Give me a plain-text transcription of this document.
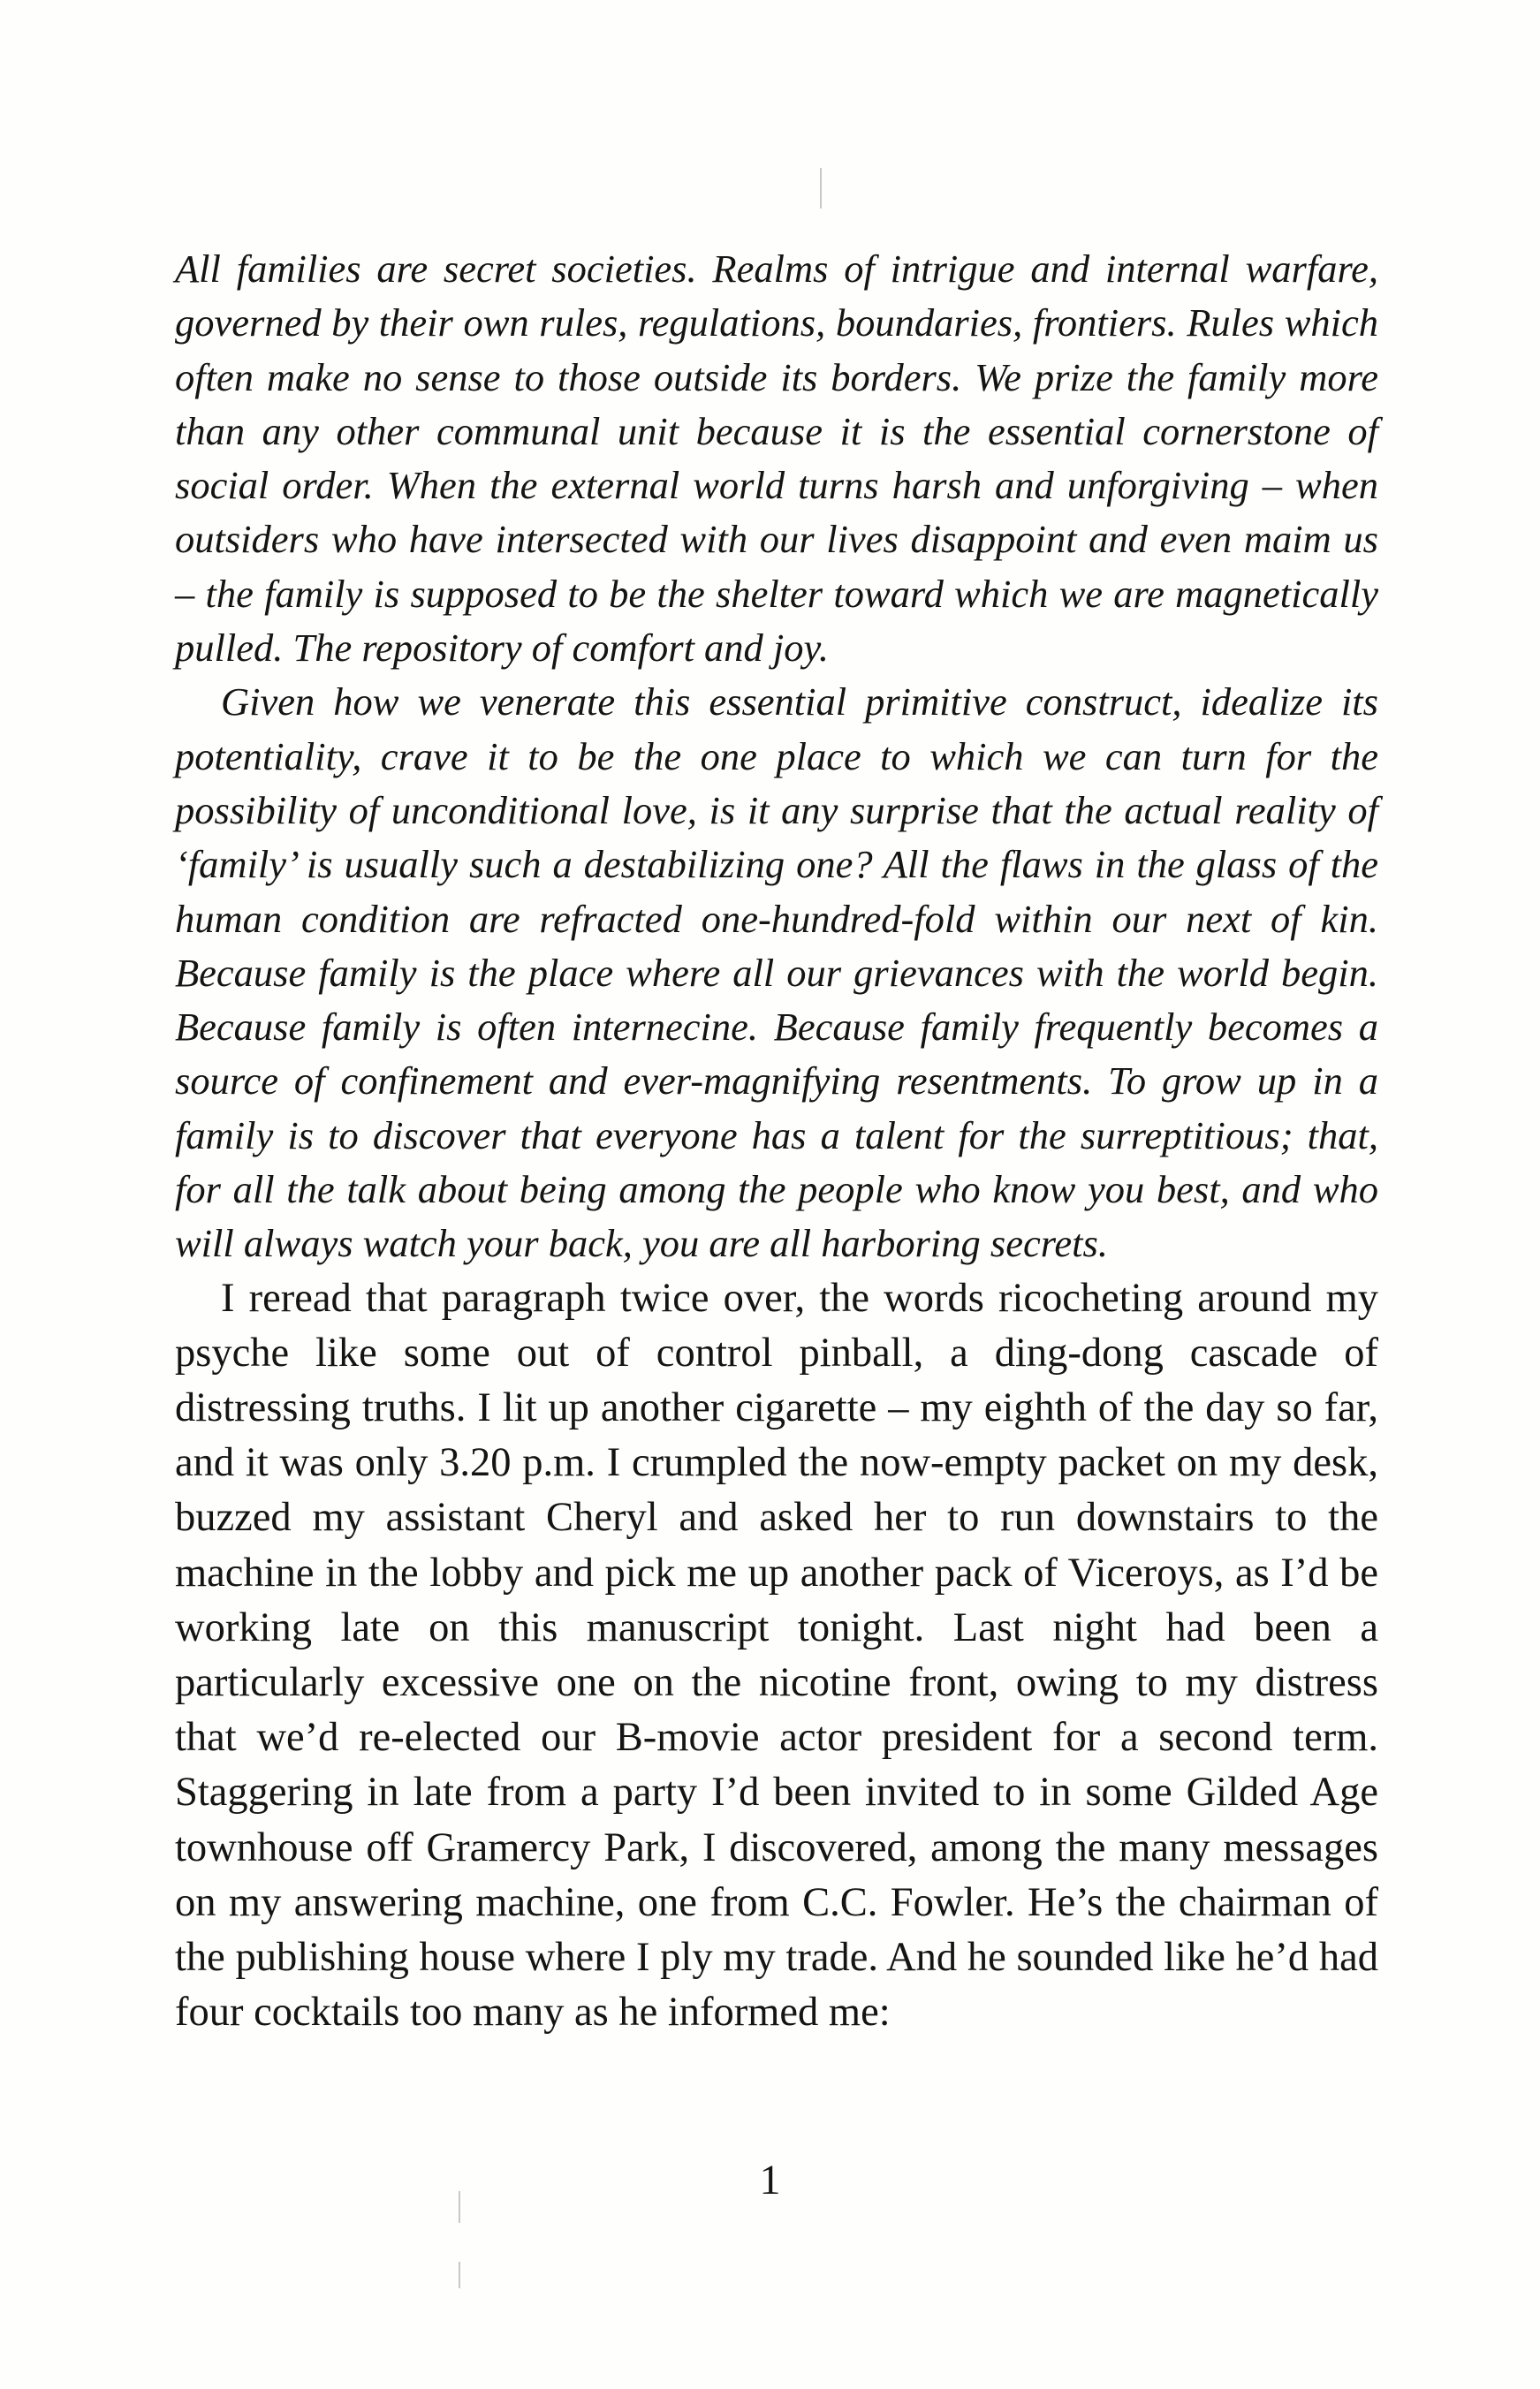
All families are secret societies. Realms of intrigue and internal warfare, governed by their own rules, regulations, boundaries, frontiers. Rules which often make no sense to those outside its borders. We prize the family more than any other communal unit because it is the essential cornerstone of social order. When the external world turns harsh and unforgiving – when outsiders who have intersected with our lives disappoint and even maim us – the family is supposed to be the shelter toward which we are magnetically pulled. The repository of comfort and joy.

Given how we venerate this essential primitive construct, idealize its potentiality, crave it to be the one place to which we can turn for the possibility of unconditional love, is it any surprise that the actual reality of ‘family’ is usually such a destabilizing one? All the flaws in the glass of the human condition are refracted one-hundred-fold within our next of kin. Because family is the place where all our grievances with the world begin. Because family is often internecine. Because family frequently becomes a source of confinement and ever-magnifying resentments. To grow up in a family is to discover that everyone has a talent for the surreptitious; that, for all the talk about being among the people who know you best, and who will always watch your back, you are all harboring secrets.

I reread that paragraph twice over, the words ricocheting around my psyche like some out of control pinball, a ding-dong cascade of distressing truths. I lit up another cigarette – my eighth of the day so far, and it was only 3.20 p.m. I crumpled the now-empty packet on my desk, buzzed my assistant Cheryl and asked her to run downstairs to the machine in the lobby and pick me up another pack of Viceroys, as I’d be working late on this manuscript tonight. Last night had been a particularly excessive one on the nicotine front, owing to my distress that we’d re-elected our B-movie actor president for a second term. Staggering in late from a party I’d been invited to in some Gilded Age townhouse off Gramercy Park, I discovered, among the many messages on my answering machine, one from C.C. Fowler. He’s the chairman of the publishing house where I ply my trade. And he sounded like he’d had four cocktails too many as he informed me:

1
